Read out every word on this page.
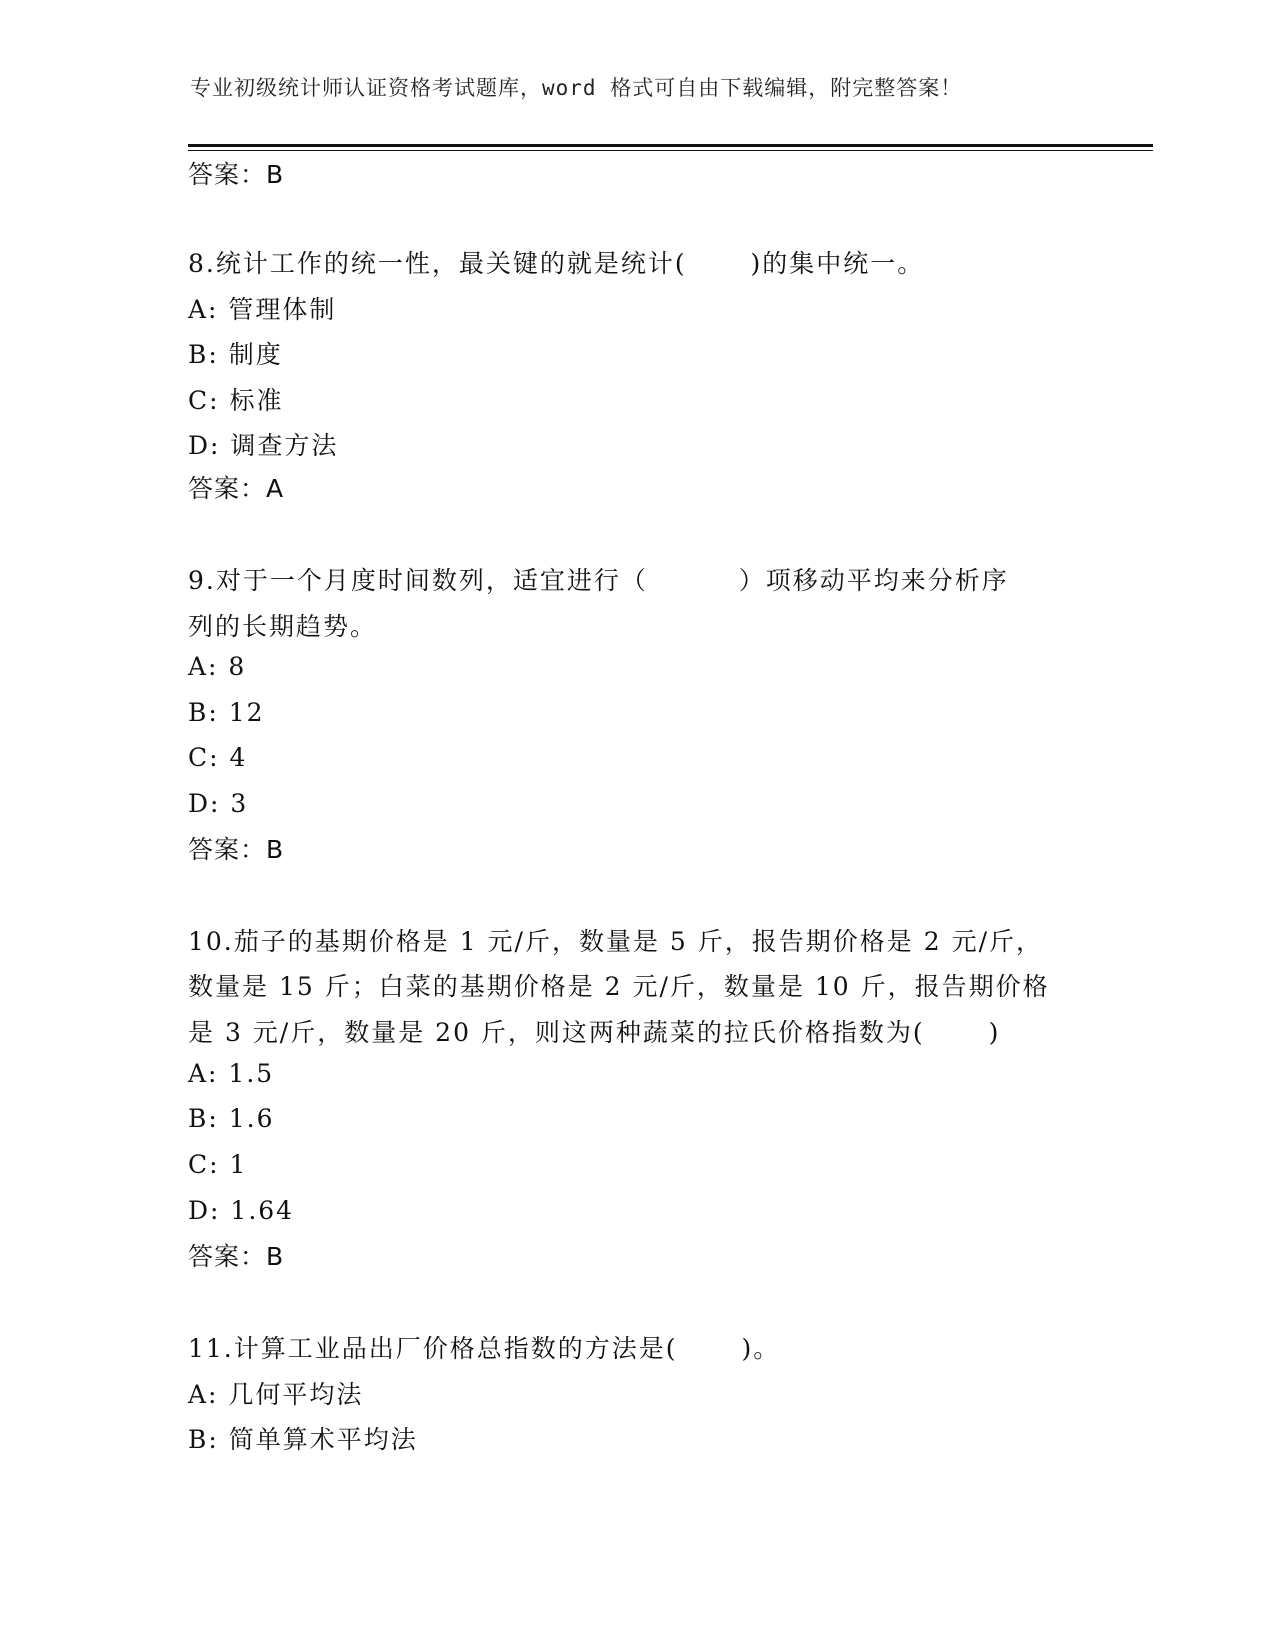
专业初级统计师认证资格考试题库，word 格式可自由下载编辑，附完整答案！
答案：B
8.统计工作的统一性，最关键的就是统计(　　 )的集中统一。
A: 管理体制
B: 制度
C: 标准
D: 调查方法
答案：A
9.对于一个月度时间数列，适宜进行（　　　 ）项移动平均来分析序
列的长期趋势。
A: 8
B: 12
C: 4
D: 3
答案：B
10.茄子的基期价格是 1 元/斤，数量是 5 斤，报告期价格是 2 元/斤，
数量是 15 斤；白菜的基期价格是 2 元/斤，数量是 10 斤，报告期价格
是 3 元/斤，数量是 20 斤，则这两种蔬菜的拉氏价格指数为(　　 )
A: 1.5
B: 1.6
C: 1
D: 1.64
答案：B
11.计算工业品出厂价格总指数的方法是(　　 )。
A: 几何平均法
B: 简单算术平均法
